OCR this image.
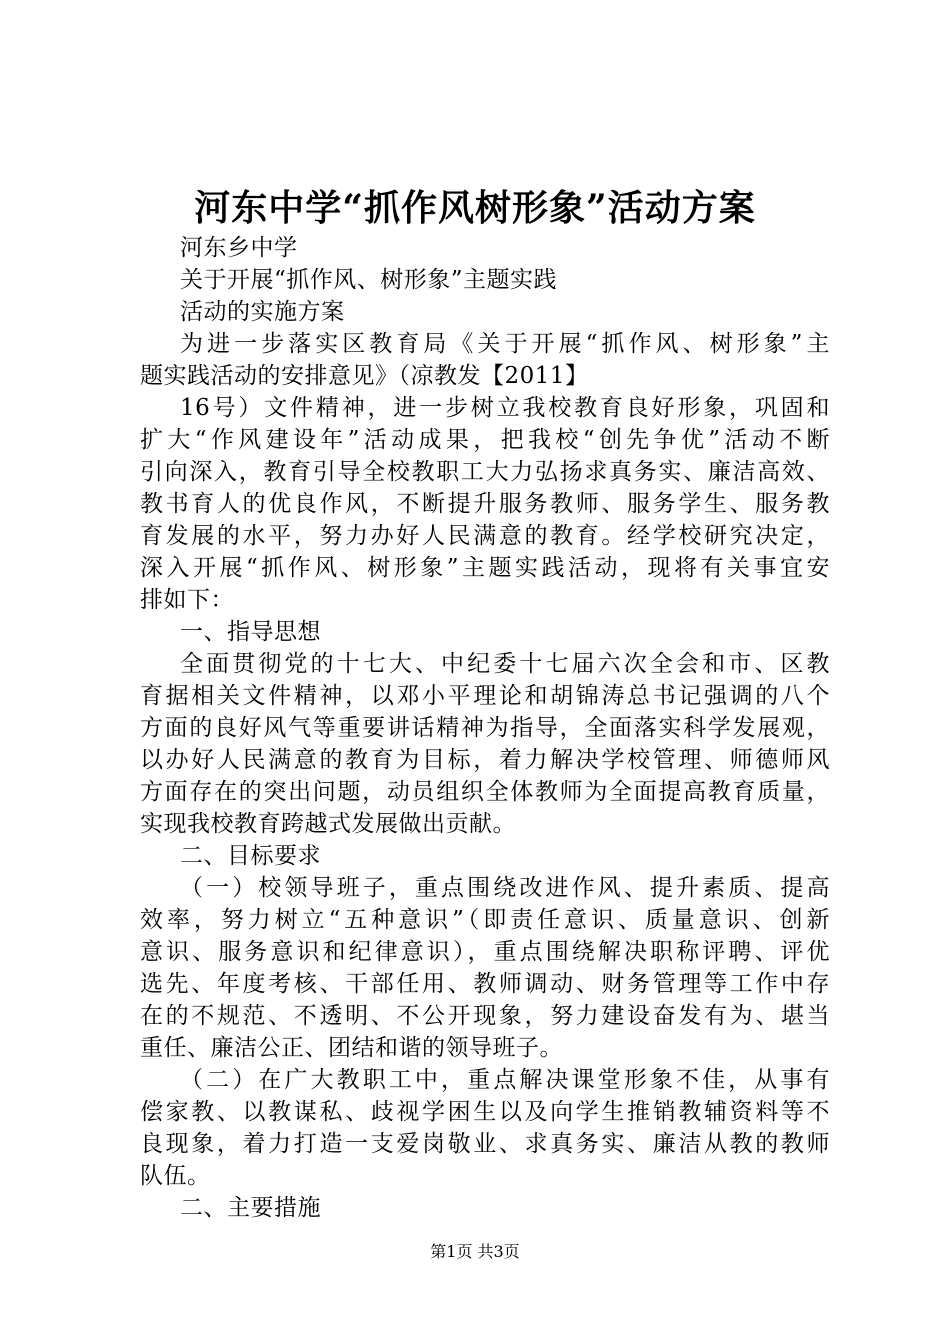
河东中学“抓作风树形象”活动方案
河东乡中学
关于开展“抓作风、树形象”主题实践
活动的实施方案
为进一步落实区教育局《关于开展“抓作风、树形象”主
题实践活动的安排意见》（凉教发【2011】
16号）文件精神，进一步树立我校教育良好形象，巩固和
扩大“作风建设年”活动成果，把我校“创先争优”活动不断
引向深入，教育引导全校教职工大力弘扬求真务实、廉洁高效、
教书育人的优良作风，不断提升服务教师、服务学生、服务教
育发展的水平，努力办好人民满意的教育。经学校研究决定，
深入开展“抓作风、树形象”主题实践活动，现将有关事宜安
排如下：
一、指导思想
全面贯彻党的十七大、中纪委十七届六次全会和市、区教
育据相关文件精神，以邓小平理论和胡锦涛总书记强调的八个
方面的良好风气等重要讲话精神为指导，全面落实科学发展观，
以办好人民满意的教育为目标，着力解决学校管理、师德师风
方面存在的突出问题，动员组织全体教师为全面提高教育质量，
实现我校教育跨越式发展做出贡献。
二、目标要求
（一）校领导班子，重点围绕改进作风、提升素质、提高
效率，努力树立“五种意识”（即责任意识、质量意识、创新
意识、服务意识和纪律意识），重点围绕解决职称评聘、评优
选先、年度考核、干部任用、教师调动、财务管理等工作中存
在的不规范、不透明、不公开现象，努力建设奋发有为、堪当
重任、廉洁公正、团结和谐的领导班子。
（二）在广大教职工中，重点解决课堂形象不佳，从事有
偿家教、以教谋私、歧视学困生以及向学生推销教辅资料等不
良现象，着力打造一支爱岗敬业、求真务实、廉洁从教的教师
队伍。
二、主要措施
第1页 共3页
